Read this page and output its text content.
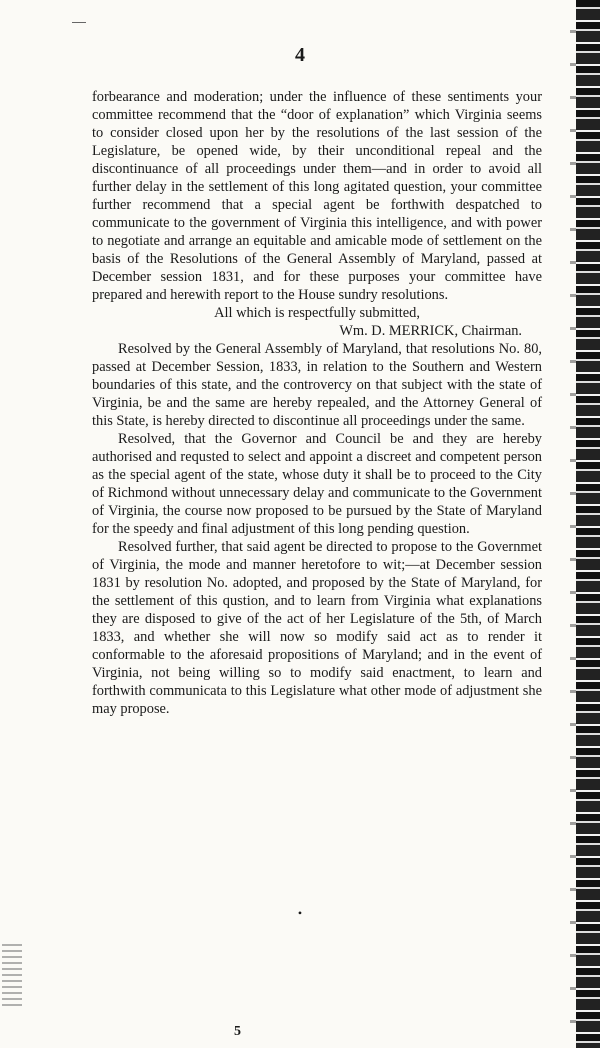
4

forbearance and moderation; under the influence of these sentiments your committee recommend that the “door of explanation” which Virginia seems to consider closed upon her by the resolutions of the last session of the Legislature, be opened wide, by their unconditional repeal and the discontinuance of all proceedings under them—and in order to avoid all further delay in the settlement of this long agitated question, your committee further recommend that a special agent be forthwith despatched to communicate to the government of Virginia this intelligence, and with power to negotiate and arrange an equitable and amicable mode of settlement on the basis of the Resolutions of the General Assembly of Maryland, passed at December session 1831, and for these purposes your committee have prepared and herewith report to the House sundry resolutions.

All which is respectfully submitted,

Wm. D. MERRICK, Chairman.

Resolved by the General Assembly of Maryland, that resolutions No. 80, passed at December Session, 1833, in relation to the Southern and Western boundaries of this state, and the controvercy on that subject with the state of Virginia, be and the same are hereby repealed, and the Attorney General of this State, is hereby directed to discontinue all proceedings under the same.

Resolved, that the Governor and Council be and they are hereby authorised and requsted to select and appoint a discreet and competent person as the special agent of the state, whose duty it shall be to proceed to the City of Richmond without unnecessary delay and communicate to the Government of Virginia, the course now proposed to be pursued by the State of Maryland for the speedy and final adjustment of this long pending question.

Resolved further, that said agent be directed to propose to the Governmet of Virginia, the mode and manner heretofore to wit;—at December session 1831 by resolution No. adopted, and proposed by the State of Maryland, for the settlement of this qustion, and to learn from Virginia what explanations they are disposed to give of the act of her Legislature of the 5th, of March 1833, and whether she will now so modify said act as to render it conformable to the aforesaid propositions of Maryland; and in the event of Virginia, not being willing so to modify said enactment, to learn and forthwith communicata to this Legislature what other mode of adjustment she may propose.

•
5
